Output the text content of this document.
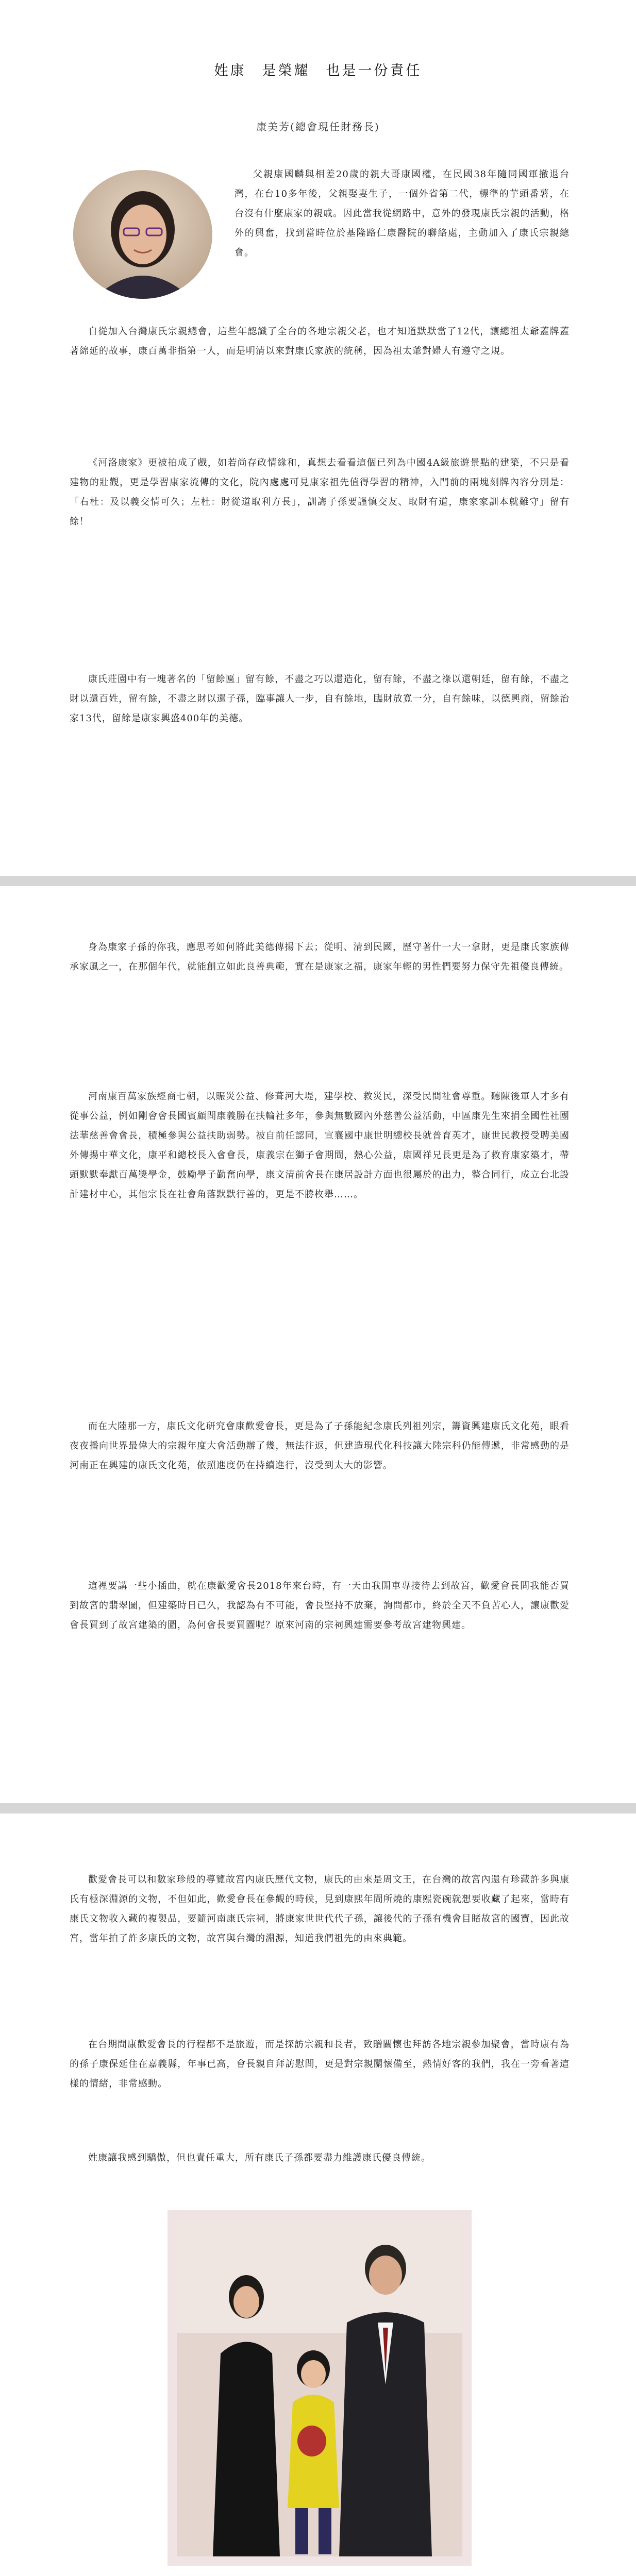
姓康　是榮耀　也是一份責任
康美芳(總會現任財務長)

父親康國麟與相差20歲的親大哥康國權，在民國38年隨同國軍撤退台灣，在台10多年後，父親娶妻生子，一個外省第二代，標準的芋頭番薯，在台沒有什麼康家的親戚。因此當我從網路中，意外的發現康氏宗親的活動，格外的興奮，找到當時位於基隆路仁康醫院的聯絡處，主動加入了康氏宗親總會。

自從加入台灣康氏宗親總會，這些年認識了全台的各地宗親父老，也才知道默默當了12代，讓總祖太爺蓋牌蓋著綿延的故事，康百萬非指第一人，而是明清以來對康氏家族的統稱，因為祖太爺對婦人有遵守之規。

《河洛康家》更被拍成了戲，如若尚存政情緣和，真想去看看這個已列為中國4A級旅遊景點的建築，不只是看建物的壯觀，更是學習康家流傳的文化，院內處處可見康家祖先值得學習的精神，入門前的兩塊刻牌內容分別是：「右杜：及以義交情可久；左杜：財從道取利方長」，訓誨子孫要謹慎交友、取財有道，康家家訓本就難守」留有餘！

康氏莊園中有一塊著名的「留餘匾」留有餘，不盡之巧以還造化，留有餘，不盡之祿以還朝廷，留有餘，不盡之財以還百姓，留有餘，不盡之財以還子孫，臨事讓人一步，自有餘地，臨財放寬一分，自有餘味，以德興商，留餘治家13代，留餘是康家興盛400年的美德。

身為康家子孫的你我，應思考如何將此美德傳揚下去；從明、清到民國，歷守著什一大一拿財，更是康氏家族傳承家風之一，在那個年代，就能創立如此良善典範，實在是康家之福，康家年輕的男性們要努力保守先祖優良傳統。

河南康百萬家族經商七朝，以賑災公益、修葺河大堤，建學校、救災民，深受民間社會尊重。聽陳後軍人才多有從事公益，例如剛會會長國賓顧問康義勝在扶輪社多年，參與無數國內外慈善公益活動，中區康先生來捐全國性社團法華慈善會會長，積極參與公益扶助弱勢。被自前任認同，宣襄國中康世明總校長就普育英才，康世民教授受聘美國外傳揚中華文化，康平和總校長入會會長，康義宗在獅子會期間，熱心公益，康國祥兄長更是為了救育康家築才，帶頭默默奉獻百萬獎學金，鼓勵學子勤奮向學，康文清前會長在康居設計方面也很屬於的出力，整合同行，成立台北設計建材中心，其他宗長在社會角落默默行善的，更是不勝枚舉……。

而在大陸那一方，康氏文化研究會康歡愛會長，更是為了子孫能紀念康氏列祖列宗，籌資興建康氏文化苑，眼看夜夜播向世界最偉大的宗親年度大會活動辦了幾，無法往返，但建造現代化科技讓大陸宗科仍能傳遞，非常感動的是河南正在興建的康氏文化苑，依照進度仍在持續進行，沒受到太大的影響。

這裡要講一些小插曲，就在康歡愛會長2018年來台時，有一天由我開車專接待去到故宮，歡愛會長問我能否買到故宮的翡翠圖，但建築時日已久，我認為有不可能，會長堅持不放棄，詢問都市，終於全天不負苦心人，讓康歡愛會長買到了故宮建築的圖，為何會長要買圖呢？原來河南的宗祠興建需要參考故宮建物興建。

歡愛會長可以和數家珍般的導覽故宮內康氏歷代文物，康氏的由來是周文王，在台灣的故宮內還有珍藏許多與康氏有極深淵源的文物，不但如此，歡愛會長在參觀的時候，見到康熙年間所燒的康熙瓷碗就想要收藏了起來，當時有康氏文物收入藏的複製品，要隨河南康氏宗祠，將康家世世代代子孫，讓後代的子孫有機會目睹故宮的國寶，因此故宮，當年拍了許多康氏的文物，故宮與台灣的淵源，知道我們祖先的由來典範。

在台期間康歡愛會長的行程都不是旅遊，而是探訪宗親和長者，致贈關懷也拜訪各地宗親參加聚會，當時康有為的孫子康保延住在嘉義縣，年事已高，會長親自拜訪慰問，更是對宗親關懷備至，熱情好客的我們，我在一旁看著這樣的情緒，非常感動。

姓康讓我感到驕傲，但也責任重大，所有康氏子孫都要盡力維護康氏優良傳統。
